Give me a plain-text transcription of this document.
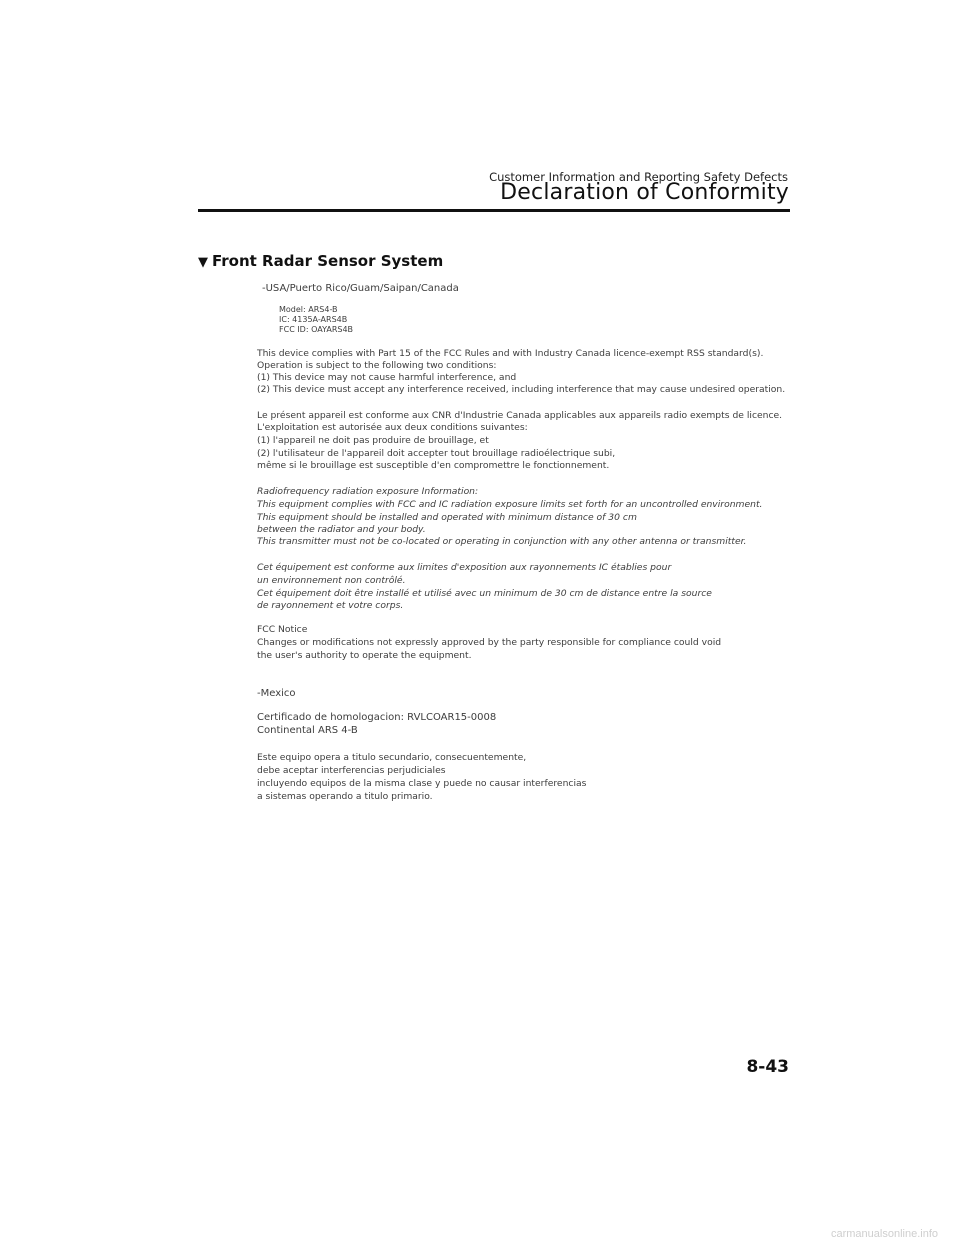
Customer Information and Reporting Safety Defects
Declaration of Conformity
▼ Front Radar Sensor System
-USA/Puerto Rico/Guam/Saipan/Canada
Model: ARS4-B
IC: 4135A-ARS4B
FCC ID: OAYARS4B
This device complies with Part 15 of the FCC Rules and with Industry Canada licence-exempt RSS standard(s).
Operation is subject to the following two conditions:
(1) This device may not cause harmful interference, and
(2) This device must accept any interference received, including interference that may cause undesired operation.
Le présent appareil est conforme aux CNR d'Industrie Canada applicables aux appareils radio exempts de licence.
L'exploitation est autorisée aux deux conditions suivantes:
(1) l'appareil ne doit pas produire de brouillage, et
(2) l'utilisateur de l'appareil doit accepter tout brouillage radioélectrique subi,
même si le brouillage est susceptible d'en compromettre le fonctionnement.
Radiofrequency radiation exposure Information:
This equipment complies with FCC and IC radiation exposure limits set forth for an uncontrolled environment.
This equipment should be installed and operated with minimum distance of 30 cm
between the radiator and your body.
This transmitter must not be co-located or operating in conjunction with any other antenna or transmitter.
Cet équipement est conforme aux limites d'exposition aux rayonnements IC établies pour
un environnement non contrôlé.
Cet équipement doit être installé et utilisé avec un minimum de 30 cm de distance entre la source
de rayonnement et votre corps.
FCC Notice
Changes or modifications not expressly approved by the party responsible for compliance could void
the user's authority to operate the equipment.
-Mexico
Certificado de homologacion: RVLCOAR15-0008
Continental ARS 4-B
Este equipo opera a titulo secundario, consecuentemente,
debe aceptar interferencias perjudiciales
incluyendo equipos de la misma clase y puede no causar interferencias
a sistemas operando a titulo primario.
8-43
carmanualsonline.info
